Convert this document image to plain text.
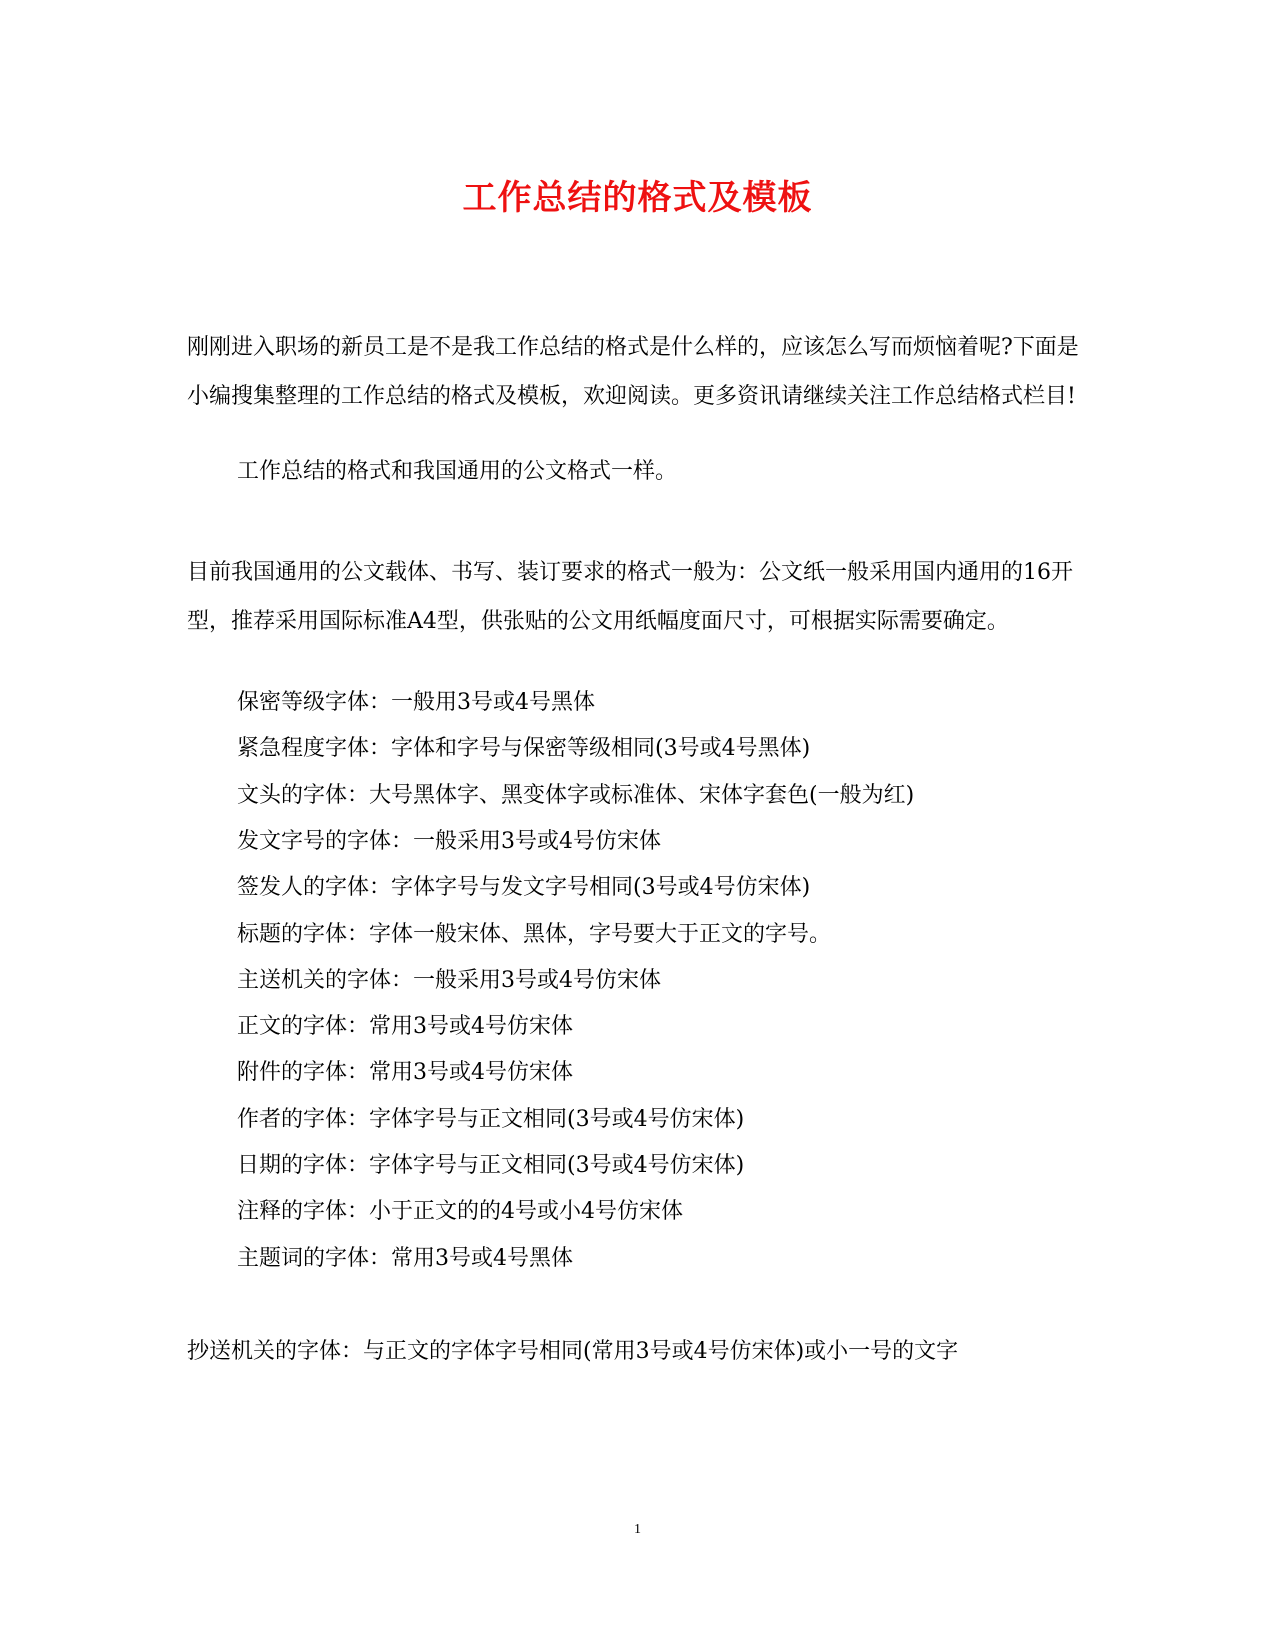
工作总结的格式及模板

刚刚进入职场的新员工是不是我工作总结的格式是什么样的，应该怎么写而烦恼着呢?下面是小编搜集整理的工作总结的格式及模板，欢迎阅读。更多资讯请继续关注工作总结格式栏目!

工作总结的格式和我国通用的公文格式一样。

目前我国通用的公文载体、书写、装订要求的格式一般为：公文纸一般采用国内通用的16开型，推荐采用国际标准A4型，供张贴的公文用纸幅度面尺寸，可根据实际需要确定。

保密等级字体：一般用3号或4号黑体
紧急程度字体：字体和字号与保密等级相同(3号或4号黑体)
文头的字体：大号黑体字、黑变体字或标准体、宋体字套色(一般为红)
发文字号的字体：一般采用3号或4号仿宋体
签发人的字体：字体字号与发文字号相同(3号或4号仿宋体)
标题的字体：字体一般宋体、黑体，字号要大于正文的字号。
主送机关的字体：一般采用3号或4号仿宋体
正文的字体：常用3号或4号仿宋体
附件的字体：常用3号或4号仿宋体
作者的字体：字体字号与正文相同(3号或4号仿宋体)
日期的字体：字体字号与正文相同(3号或4号仿宋体)
注释的字体：小于正文的的4号或小4号仿宋体
主题词的字体：常用3号或4号黑体
抄送机关的字体：与正文的字体字号相同(常用3号或4号仿宋体)或小一号的文字
1
